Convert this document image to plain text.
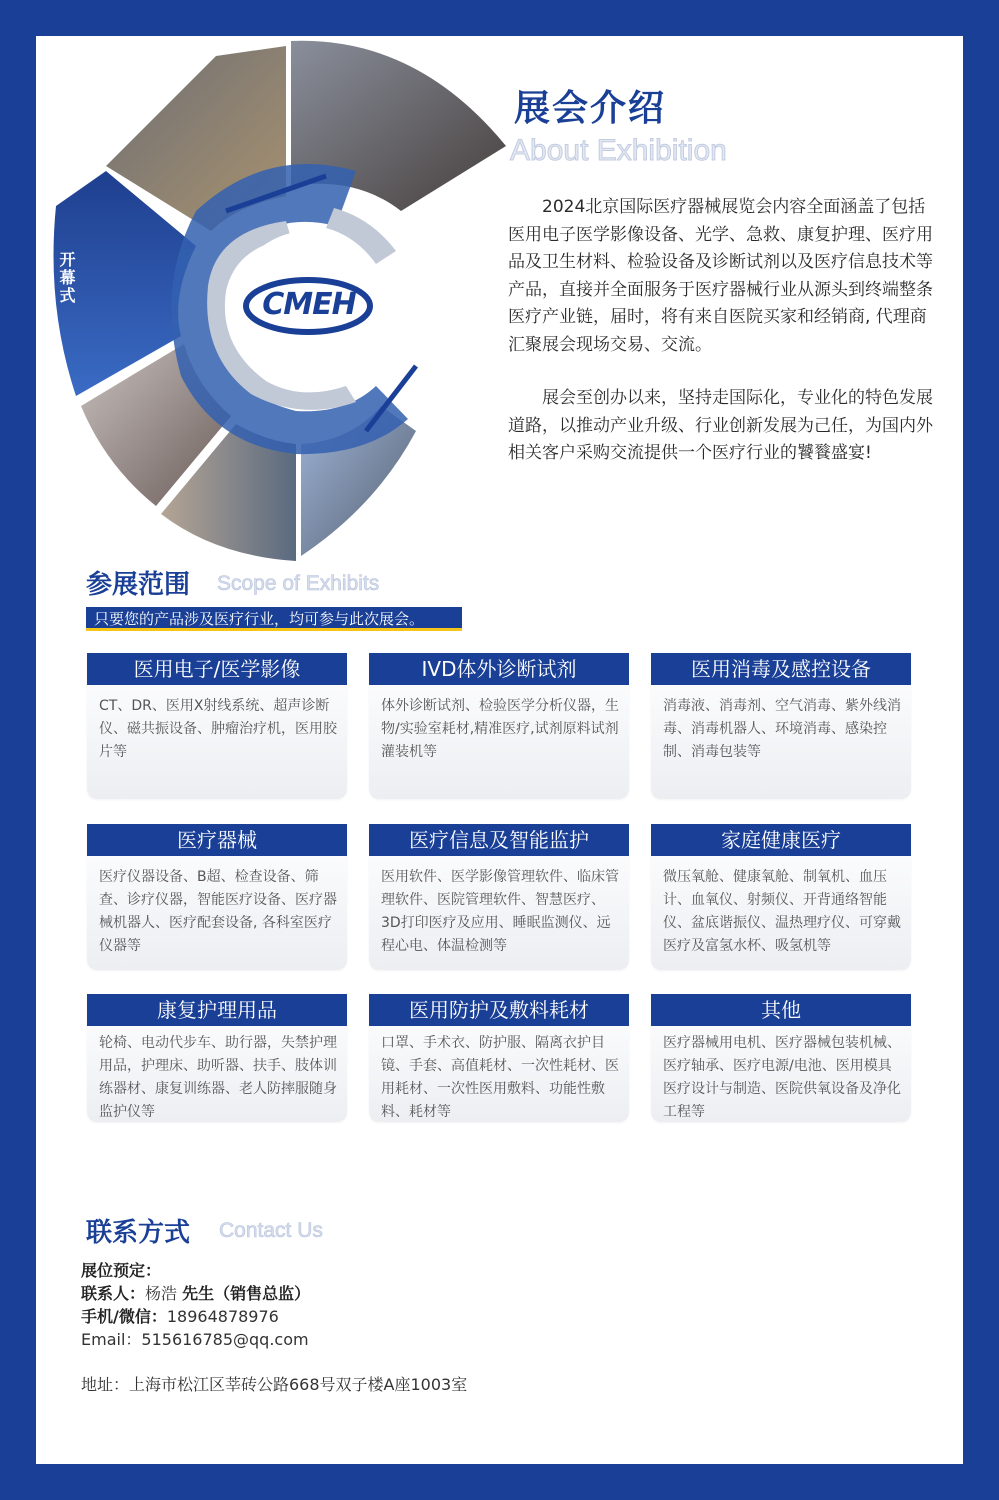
CMEH
开幕式
展会介绍
About Exhibition

2024北京国际医疗器械展览会内容全面涵盖了包括医用电子医学影像设备、光学、急救、康复护理、医疗用品及卫生材料、检验设备及诊断试剂以及医疗信息技术等产品，直接并全面服务于医疗器械行业从源头到终端整条医疗产业链，届时，将有来自医院买家和经销商, 代理商汇聚展会现场交易、交流。

展会至创办以来，坚持走国际化，专业化的特色发展道路，以推动产业升级、行业创新发展为己任，为国内外相关客户采购交流提供一个医疗行业的饕餮盛宴!

参展范围 Scope of Exhibits
只要您的产品涉及医疗行业，均可参与此次展会。
医用电子/医学影像
CT、DR、医用X射线系统、超声诊断仪、磁共振设备、肿瘤治疗机，医用胶片等
IVD体外诊断试剂
体外诊断试剂、检验医学分析仪器，生物/实验室耗材,精准医疗,试剂原料试剂灌装机等
医用消毒及感控设备
消毒液、消毒剂、空气消毒、紫外线消毒、消毒机器人、环境消毒、感染控制、消毒包装等
医疗器械
医疗仪器设备、B超、检查设备、筛查、诊疗仪器，智能医疗设备、医疗器械机器人、医疗配套设备, 各科室医疗仪器等
医疗信息及智能监护
医用软件、医学影像管理软件、临床管理软件、医院管理软件、智慧医疗、3D打印医疗及应用、睡眠监测仪、远程心电、体温检测等
家庭健康医疗
微压氧舱、健康氧舱、制氧机、血压计、血氧仪、射频仪、开背通络智能仪、盆底谐振仪、温热理疗仪、可穿戴医疗及富氢水杯、吸氢机等
康复护理用品
轮椅、电动代步车、助行器，失禁护理用品，护理床、助听器、扶手、肢体训练器材、康复训练器、老人防摔服随身监护仪等
医用防护及敷料耗材
口罩、手术衣、防护服、隔离衣护目镜、手套、高值耗材、一次性耗材、医用耗材、一次性医用敷料、功能性敷料、耗材等
其他
医疗器械用电机、医疗器械包装机械、医疗轴承、医疗电源/电池、医用模具医疗设计与制造、医院供氧设备及净化工程等
联系方式 Contact Us
展位预定：
联系人：杨浩 先生（销售总监）
手机/微信：18964878976
Email：515616785@qq.com
地址：上海市松江区莘砖公路668号双子楼A座1003室
